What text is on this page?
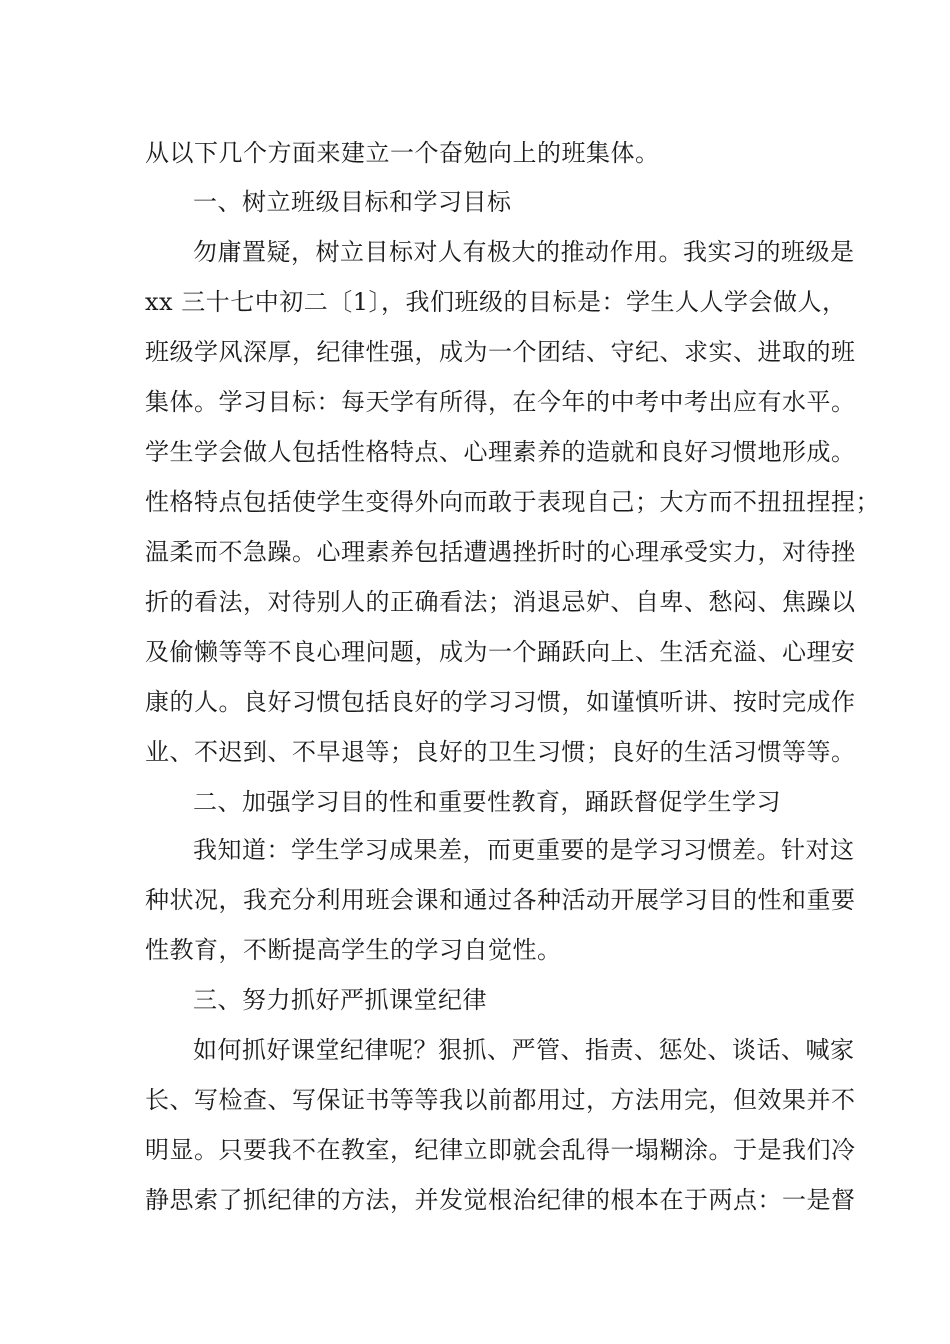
从以下几个方面来建立一个奋勉向上的班集体。
一、树立班级目标和学习目标
勿庸置疑，树立目标对人有极大的推动作用。我实习的班级是
xx 三十七中初二〔1〕，我们班级的目标是：学生人人学会做人，
班级学风深厚，纪律性强，成为一个团结、守纪、求实、进取的班
集体。学习目标：每天学有所得，在今年的中考中考出应有水平。
学生学会做人包括性格特点、心理素养的造就和良好习惯地形成。
性格特点包括使学生变得外向而敢于表现自己；大方而不扭扭捏捏；
温柔而不急躁。心理素养包括遭遇挫折时的心理承受实力，对待挫
折的看法，对待别人的正确看法；消退忌妒、自卑、愁闷、焦躁以
及偷懒等等不良心理问题，成为一个踊跃向上、生活充溢、心理安
康的人。良好习惯包括良好的学习习惯，如谨慎听讲、按时完成作
业、不迟到、不早退等；良好的卫生习惯；良好的生活习惯等等。
二、加强学习目的性和重要性教育，踊跃督促学生学习
我知道：学生学习成果差，而更重要的是学习习惯差。针对这
种状况，我充分利用班会课和通过各种活动开展学习目的性和重要
性教育，不断提高学生的学习自觉性。
三、努力抓好严抓课堂纪律
如何抓好课堂纪律呢？狠抓、严管、指责、惩处、谈话、喊家
长、写检查、写保证书等等我以前都用过，方法用完，但效果并不
明显。只要我不在教室，纪律立即就会乱得一塌糊涂。于是我们冷
静思索了抓纪律的方法，并发觉根治纪律的根本在于两点：一是督
